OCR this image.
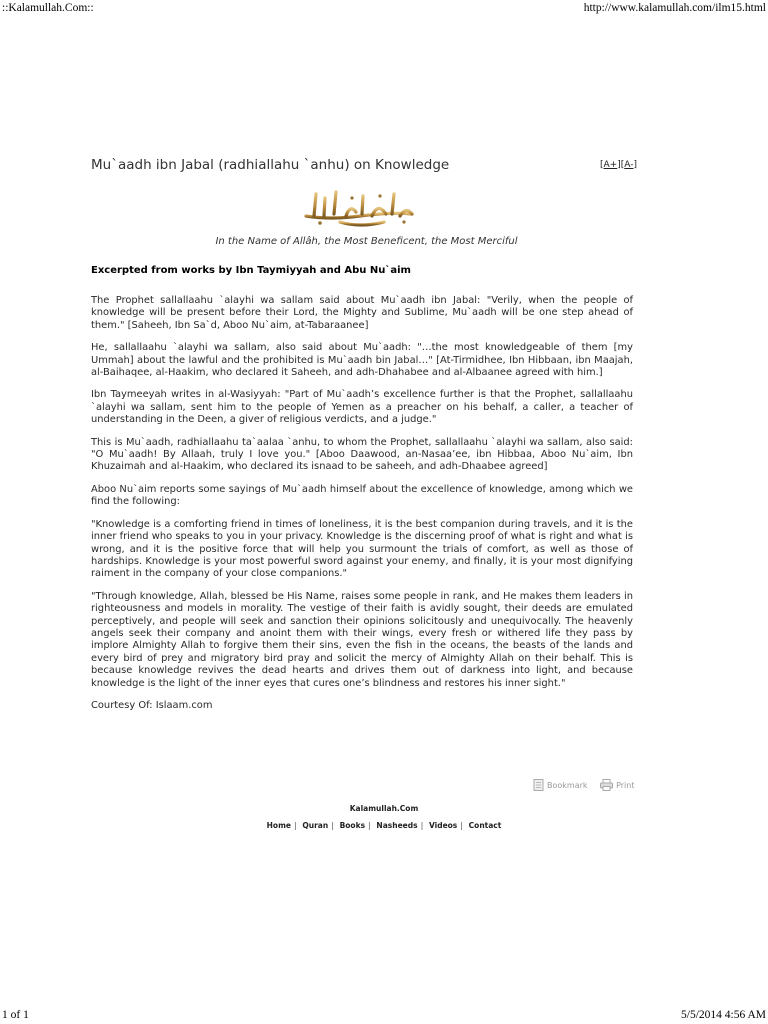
::Kalamullah.Com::	http://www.kalamullah.com/ilm15.html
Mu`aadh ibn Jabal (radhiallahu `anhu) on Knowledge	[A+][A-]
In the Name of Allâh, the Most Beneficent, the Most Merciful
Excerpted from works by Ibn Taymiyyah and Abu Nu`aim

The Prophet sallallaahu `alayhi wa sallam said about Mu`aadh ibn Jabal: "Verily, when the people of knowledge will be present before their Lord, the Mighty and Sublime, Mu`aadh will be one step ahead of them." [Saheeh, Ibn Sa`d, Aboo Nu`aim, at-Tabaraanee]

He, sallallaahu `alayhi wa sallam, also said about Mu`aadh: "…the most knowledgeable of them [my Ummah] about the lawful and the prohibited is Mu`aadh bin Jabal…" [At-Tirmidhee, Ibn Hibbaan, ibn Maajah, al-Baihaqee, al-Haakim, who declared it Saheeh, and adh-Dhahabee and al-Albaanee agreed with him.]

Ibn Taymeeyah writes in al-Wasiyyah: "Part of Mu`aadh’s excellence further is that the Prophet, sallallaahu `alayhi wa sallam, sent him to the people of Yemen as a preacher on his behalf, a caller, a teacher of understanding in the Deen, a giver of religious verdicts, and a judge."

This is Mu`aadh, radhiallaahu ta`aalaa `anhu, to whom the Prophet, sallallaahu `alayhi wa sallam, also said: "O Mu`aadh! By Allaah, truly I love you." [Aboo Daawood, an-Nasaa’ee, ibn Hibbaa, Aboo Nu`aim, Ibn Khuzaimah and al-Haakim, who declared its isnaad to be saheeh, and adh-Dhaabee agreed]

Aboo Nu`aim reports some sayings of Mu`aadh himself about the excellence of knowledge, among which we find the following:

"Knowledge is a comforting friend in times of loneliness, it is the best companion during travels, and it is the inner friend who speaks to you in your privacy. Knowledge is the discerning proof of what is right and what is wrong, and it is the positive force that will help you surmount the trials of comfort, as well as those of hardships. Knowledge is your most powerful sword against your enemy, and finally, it is your most dignifying raiment in the company of your close companions."

"Through knowledge, Allah, blessed be His Name, raises some people in rank, and He makes them leaders in righteousness and models in morality. The vestige of their faith is avidly sought, their deeds are emulated perceptively, and people will seek and sanction their opinions solicitously and unequivocally. The heavenly angels seek their company and anoint them with their wings, every fresh or withered life they pass by implore Almighty Allah to forgive them their sins, even the fish in the oceans, the beasts of the lands and every bird of prey and migratory bird pray and solicit the mercy of Almighty Allah on their behalf. This is because knowledge revives the dead hearts and drives them out of darkness into light, and because knowledge is the light of the inner eyes that cures one’s blindness and restores his inner sight."

Courtesy Of: Islaam.com

Bookmark
	Print
Kalamullah.Com
Home | Quran | Books | Nasheeds | Videos | Contact
1 of 1	5/5/2014 4:56 AM
